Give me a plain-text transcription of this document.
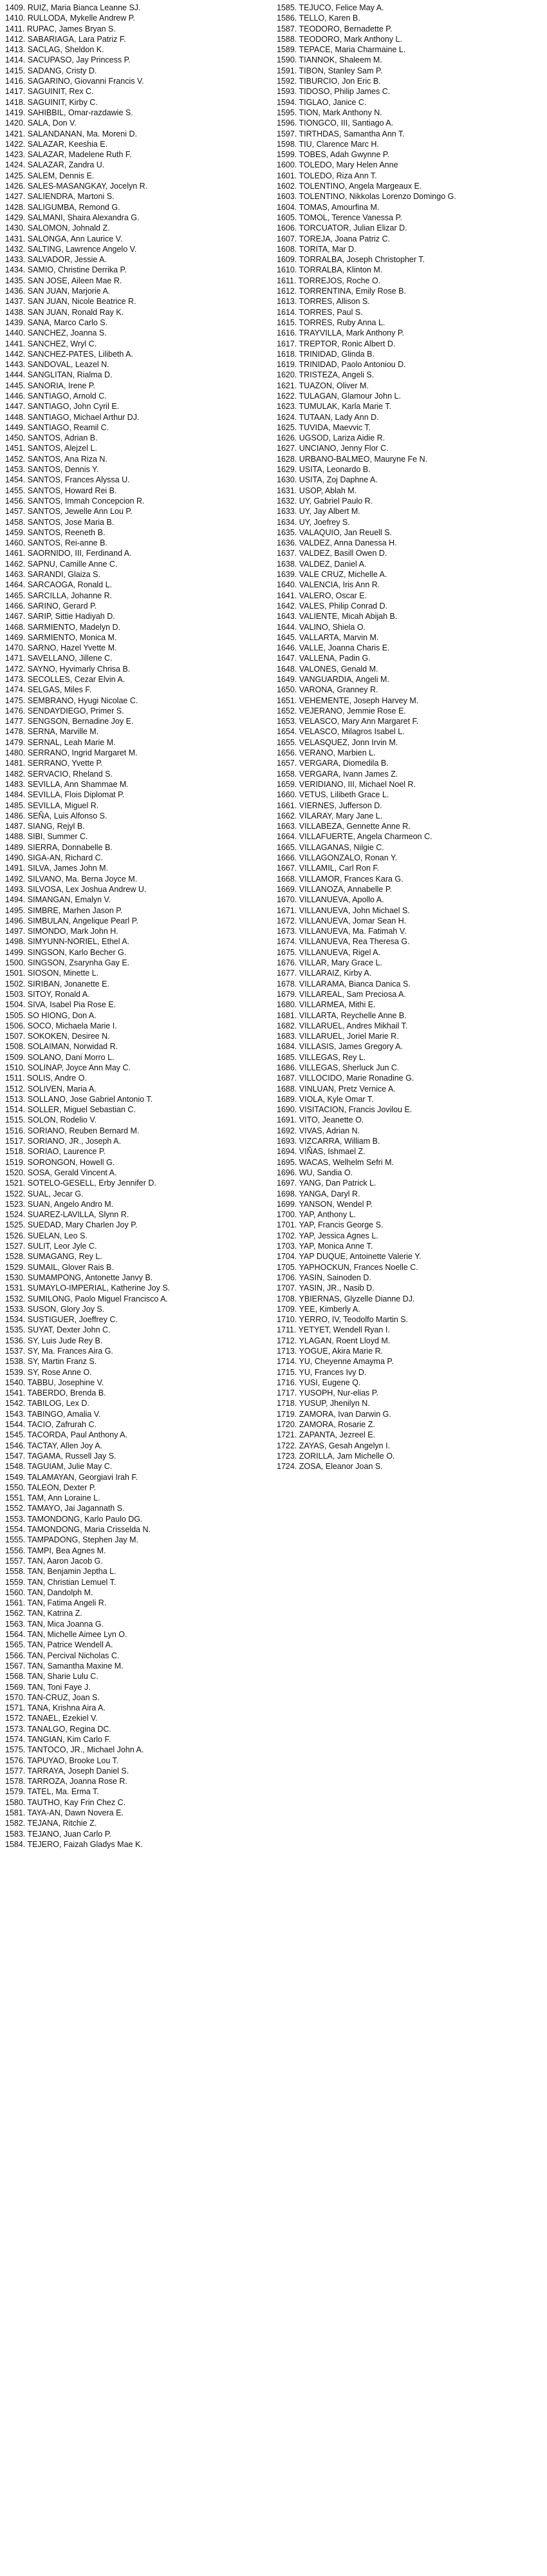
1409. RUIZ, Maria Bianca Leanne SJ.
1410. RULLODA, Mykelle Andrew P.
1411. RUPAC, James Bryan S.
1412. SABARIAGA, Lara Patriz F.
1413. SACLAG, Sheldon K.
1414. SACUPASO, Jay Princess P.
1415. SADANG, Cristy D.
1416. SAGARINO, Giovanni Francis V.
1417. SAGUINIT, Rex C.
1418. SAGUINIT, Kirby C.
1419. SAHIBBIL, Omar-razdawie S.
1420. SALA, Don V.
1421. SALANDANAN, Ma. Moreni D.
1422. SALAZAR, Keeshia E.
1423. SALAZAR, Madelene Ruth F.
1424. SALAZAR, Zandra U.
1425. SALEM, Dennis E.
1426. SALES-MASANGKAY, Jocelyn R.
1427. SALIENDRA, Martoni S.
1428. SALIGUMBA, Remond G.
1429. SALMANI, Shaira Alexandra G.
1430. SALOMON, Johnald Z.
1431. SALONGA, Ann Laurice V.
1432. SALTING, Lawrence Angelo V.
1433. SALVADOR, Jessie A.
1434. SAMIO, Christine Derrika P.
1435. SAN JOSE, Aileen Mae R.
1436. SAN JUAN, Marjorie A.
1437. SAN JUAN, Nicole Beatrice R.
1438. SAN JUAN, Ronald Ray K.
1439. SANA, Marco Carlo S.
1440. SANCHEZ, Joanna S.
1441. SANCHEZ, Wryl C.
1442. SANCHEZ-PATES, Lilibeth A.
1443. SANDOVAL, Leazel N.
1444. SANGLITAN, Rialma D.
1445. SANORIA, Irene P.
1446. SANTIAGO, Arnold C.
1447. SANTIAGO, John Cyril E.
1448. SANTIAGO, Michael Arthur DJ.
1449. SANTIAGO, Reamil C.
1450. SANTOS, Adrian B.
1451. SANTOS, Alejzel L.
1452. SANTOS, Ana Riza N.
1453. SANTOS, Dennis Y.
1454. SANTOS, Frances Alyssa U.
1455. SANTOS, Howard Rei B.
1456. SANTOS, Immah Concepcion R.
1457. SANTOS, Jewelle Ann Lou P.
1458. SANTOS, Jose Maria B.
1459. SANTOS, Reeneth B.
1460. SANTOS, Rei-anne B.
1461. SAORNIDO, III, Ferdinand A.
1462. SAPNU, Camille Anne C.
1463. SARANDI, Glaiza S.
1464. SARCAOGA, Ronald L.
1465. SARCILLA, Johanne R.
1466. SARINO, Gerard P.
1467. SARIP, Sittie Hadiyah D.
1468. SARMIENTO, Madelyn D.
1469. SARMIENTO, Monica M.
1470. SARNO, Hazel Yvette M.
1471. SAVELLANO, Jillene C.
1472. SAYNO, Hyvimarly Chrisa B.
1473. SECOLLES, Cezar Elvin A.
1474. SELGAS, Miles F.
1475. SEMBRANO, Hyugi Nicolae C.
1476. SENDAYDIEGO, Primer S.
1477. SENGSON, Bernadine Joy E.
1478. SERNA, Marville M.
1479. SERNAL, Leah Marie M.
1480. SERRANO, Ingrid Margaret M.
1481. SERRANO, Yvette P.
1482. SERVACIO, Rheland S.
1483. SEVILLA, Ann Shammae M.
1484. SEVILLA, Flois Diplomat P.
1485. SEVILLA, Miguel R.
1486. SEÑA, Luis Alfonso S.
1487. SIANG, Rejyl B.
1488. SIBI, Summer C.
1489. SIERRA, Donnabelle B.
1490. SIGA-AN, Richard C.
1491. SILVA, James John M.
1492. SILVANO, Ma. Berna Joyce M.
1493. SILVOSA, Lex Joshua Andrew U.
1494. SIMANGAN, Emalyn V.
1495. SIMBRE, Marhen Jason P.
1496. SIMBULAN, Angelique Pearl P.
1497. SIMONDO, Mark John H.
1498. SIMYUNN-NORIEL, Ethel A.
1499. SINGSON, Karlo Becher G.
1500. SINGSON, Zsarynha Gay E.
1501. SIOSON, Minette L.
1502. SIRIBAN, Jonanette E.
1503. SITOY, Ronald A.
1504. SIVA, Isabel Pia Rose E.
1505. SO HIONG, Don A.
1506. SOCO, Michaela Marie I.
1507. SOKOKEN, Desiree N.
1508. SOLAIMAN, Norwidad R.
1509. SOLANO, Dani Morro L.
1510. SOLINAP, Joyce Ann May C.
1511. SOLIS, Andre O.
1512. SOLIVEN, Maria A.
1513. SOLLANO, Jose Gabriel Antonio T.
1514. SOLLER, Miguel Sebastian C.
1515. SOLON, Rodelio V.
1516. SORIANO, Reuben Bernard M.
1517. SORIANO, JR., Joseph A.
1518. SORIAO, Laurence P.
1519. SORONGON, Howell G.
1520. SOSA, Gerald Vincent A.
1521. SOTELO-GESELL, Erby Jennifer D.
1522. SUAL, Jecar G.
1523. SUAN, Angelo Andro M.
1524. SUAREZ-LAVILLA, Slynn R.
1525. SUEDAD, Mary Charlen Joy P.
1526. SUELAN, Leo S.
1527. SULIT, Leor Jyle C.
1528. SUMAGANG, Rey L.
1529. SUMAIL, Glover Rais B.
1530. SUMAMPONG, Antonette Janvy B.
1531. SUMAYLO-IMPERIAL, Katherine Joy S.
1532. SUMILONG, Paolo Miguel Francisco A.
1533. SUSON, Glory Joy S.
1534. SUSTIGUER, Joeffrey C.
1535. SUYAT, Dexter John C.
1536. SY, Luis Jude Rey B.
1537. SY, Ma. Frances Aira G.
1538. SY, Martin Franz S.
1539. SY, Rose Anne O.
1540. TABBU, Josephine V.
1541. TABERDO, Brenda B.
1542. TABILOG, Lex D.
1543. TABINGO, Amalia V.
1544. TACIO, Zafrurah C.
1545. TACORDA, Paul Anthony A.
1546. TACTAY, Allen Joy A.
1547. TAGAMA, Russell Jay S.
1548. TAGUIAM, Julie May C.
1549. TALAMAYAN, Georgiavi Irah F.
1550. TALEON, Dexter P.
1551. TAM, Ann Loraine L.
1552. TAMAYO, Jai Jagannath S.
1553. TAMONDONG, Karlo Paulo DG.
1554. TAMONDONG, Maria Crisselda N.
1555. TAMPADONG, Stephen Jay M.
1556. TAMPI, Bea Agnes M.
1557. TAN, Aaron Jacob G.
1558. TAN, Benjamin Jeptha L.
1559. TAN, Christian Lemuel T.
1560. TAN, Dandolph M.
1561. TAN, Fatima Angeli R.
1562. TAN, Katrina Z.
1563. TAN, Mica Joanna G.
1564. TAN, Michelle Aimee Lyn O.
1565. TAN, Patrice Wendell A.
1566. TAN, Percival Nicholas C.
1567. TAN, Samantha Maxine M.
1568. TAN, Sharie Lulu C.
1569. TAN, Toni Faye J.
1570. TAN-CRUZ, Joan S.
1571. TANA, Krishna Aira A.
1572. TANAEL, Ezekiel V.
1573. TANALGO, Regina DC.
1574. TANGIAN, Kim Carlo F.
1575. TANTOCO, JR., Michael John A.
1576. TAPUYAO, Brooke Lou T.
1577. TARRAYA, Joseph Daniel S.
1578. TARROZA, Joanna Rose R.
1579. TATEL, Ma. Erma T.
1580. TAUTHO, Kay Frin Chez C.
1581. TAYA-AN, Dawn Novera E.
1582. TEJANA, Ritchie Z.
1583. TEJANO, Juan Carlo P.
1584. TEJERO, Faizah Gladys Mae K.
1585. TEJUCO, Felice May A.
1586. TELLO, Karen B.
1587. TEODORO, Bernadette P.
1588. TEODORO, Mark Anthony L.
1589. TEPACE, Maria Charmaine L.
1590. TIANNOK, Shaleem M.
1591. TIBON, Stanley Sam P.
1592. TIBURCIO, Jon Eric B.
1593. TIDOSO, Philip James C.
1594. TIGLAO, Janice C.
1595. TION, Mark Anthony N.
1596. TIONGCO, III, Santiago A.
1597. TIRTHDAS, Samantha Ann T.
1598. TIU, Clarence Marc H.
1599. TOBES, Adah Gwynne P.
1600. TOLEDO, Mary Helen Anne
1601. TOLEDO, Riza Ann T.
1602. TOLENTINO, Angela Margeaux E.
1603. TOLENTINO, Nikkolas Lorenzo Domingo G.
1604. TOMAS, Amourfina M.
1605. TOMOL, Terence Vanessa P.
1606. TORCUATOR, Julian Elizar D.
1607. TOREJA, Joana Patriz C.
1608. TORITA, Mar D.
1609. TORRALBA, Joseph Christopher T.
1610. TORRALBA, Klinton M.
1611. TORREJOS, Roche O.
1612. TORRENTINA, Emily Rose B.
1613. TORRES, Allison S.
1614. TORRES, Paul S.
1615. TORRES, Ruby Anna L.
1616. TRAYVILLA, Mark Anthony P.
1617. TREPTOR, Ronic Albert D.
1618. TRINIDAD, Glinda B.
1619. TRINIDAD, Paolo Antoniou D.
1620. TRISTEZA, Angeli S.
1621. TUAZON, Oliver M.
1622. TULAGAN, Glamour John L.
1623. TUMULAK, Karla Marie T.
1624. TUTAAN, Lady Ann D.
1625. TUVIDA, Maevvic T.
1626. UGSOD, Lariza Aidie R.
1627. UNCIANO, Jenny Flor C.
1628. URBANO-BALMEO, Mauryne Fe N.
1629. USITA, Leonardo B.
1630. USITA, Zoj Daphne A.
1631. USOP, Ablah M.
1632. UY, Gabriel Paulo R.
1633. UY, Jay Albert M.
1634. UY, Joefrey S.
1635. VALAQUIO, Jan Reuell S.
1636. VALDEZ, Anna Danessa H.
1637. VALDEZ, Basill Owen D.
1638. VALDEZ, Daniel A.
1639. VALE CRUZ, Michelle A.
1640. VALENCIA, Iris Ann R.
1641. VALERO, Oscar E.
1642. VALES, Philip Conrad D.
1643. VALIENTE, Micah Abijah B.
1644. VALINO, Shiela O.
1645. VALLARTA, Marvin M.
1646. VALLE, Joanna Charis E.
1647. VALLENA, Padin G.
1648. VALONES, Genald M.
1649. VANGUARDIA, Angeli M.
1650. VARONA, Granney R.
1651. VEHEMENTE, Joseph Harvey M.
1652. VEJERANO, Jemmie Rose E.
1653. VELASCO, Mary Ann Margaret F.
1654. VELASCO, Milagros Isabel L.
1655. VELASQUEZ, Jonn Irvin M.
1656. VERANO, Marbien L.
1657. VERGARA, Diomedila B.
1658. VERGARA, Ivann James Z.
1659. VERIDIANO, III, Michael Noel R.
1660. VETUS, Lilibeth Grace L.
1661. VIERNES, Jufferson D.
1662. VILARAY, Mary Jane L.
1663. VILLABEZA, Gennette Anne R.
1664. VILLAFUERTE, Angela Charmeon C.
1665. VILLAGANAS, Nilgie C.
1666. VILLAGONZALO, Ronan Y.
1667. VILLAMIL, Carl Ron F.
1668. VILLAMOR, Frances Kara G.
1669. VILLANOZA, Annabelle P.
1670. VILLANUEVA, Apollo A.
1671. VILLANUEVA, John Michael S.
1672. VILLANUEVA, Jomar Sean H.
1673. VILLANUEVA, Ma. Fatimah V.
1674. VILLANUEVA, Rea Theresa G.
1675. VILLANUEVA, Rigel A.
1676. VILLAR, Mary Grace L.
1677. VILLARAIZ, Kirby A.
1678. VILLARAMA, Bianca Danica S.
1679. VILLAREAL, Sam Preciosa A.
1680. VILLARMEA, Mithi E.
1681. VILLARTA, Reychelle Anne B.
1682. VILLARUEL, Andres Mikhail T.
1683. VILLARUEL, Joriel Marie R.
1684. VILLASIS, James Gregory A.
1685. VILLEGAS, Rey L.
1686. VILLEGAS, Sherluck Jun C.
1687. VILLOCIDO, Marie Ronadine G.
1688. VINLUAN, Pretz Vernice A.
1689. VIOLA, Kyle Omar T.
1690. VISITACION, Francis Jovilou E.
1691. VITO, Jeanette O.
1692. VIVAS, Adrian N.
1693. VIZCARRA, William B.
1694. VIÑAS, Ishmael Z.
1695. WACAS, Welhelm Sefri M.
1696. WU, Sandia O.
1697. YANG, Dan Patrick L.
1698. YANGA, Daryl R.
1699. YANSON, Wendel P.
1700. YAP, Anthony L.
1701. YAP, Francis George S.
1702. YAP, Jessica Agnes L.
1703. YAP, Monica Anne T.
1704. YAP DUQUE, Antoinette Valerie Y.
1705. YAPHOCKUN, Frances Noelle C.
1706. YASIN, Sainoden D.
1707. YASIN, JR., Nasib D.
1708. YBIERNAS, Glyzelle Dianne DJ.
1709. YEE, Kimberly A.
1710. YERRO, IV, Teodolfo Martin S.
1711. YETYET, Wendell Ryan I.
1712. YLAGAN, Roent Lloyd M.
1713. YOGUE, Akira Marie R.
1714. YU, Cheyenne Amayma P.
1715. YU, Frances Ivy D.
1716. YUSI, Eugene Q.
1717. YUSOPH, Nur-elias P.
1718. YUSUP, Jhenilyn N.
1719. ZAMORA, Ivan Darwin G.
1720. ZAMORA, Rosarie Z.
1721. ZAPANTA, Jezreel E.
1722. ZAYAS, Gesah Angelyn I.
1723. ZORILLA, Jam Michelle O.
1724. ZOSA, Eleanor Joan S.
